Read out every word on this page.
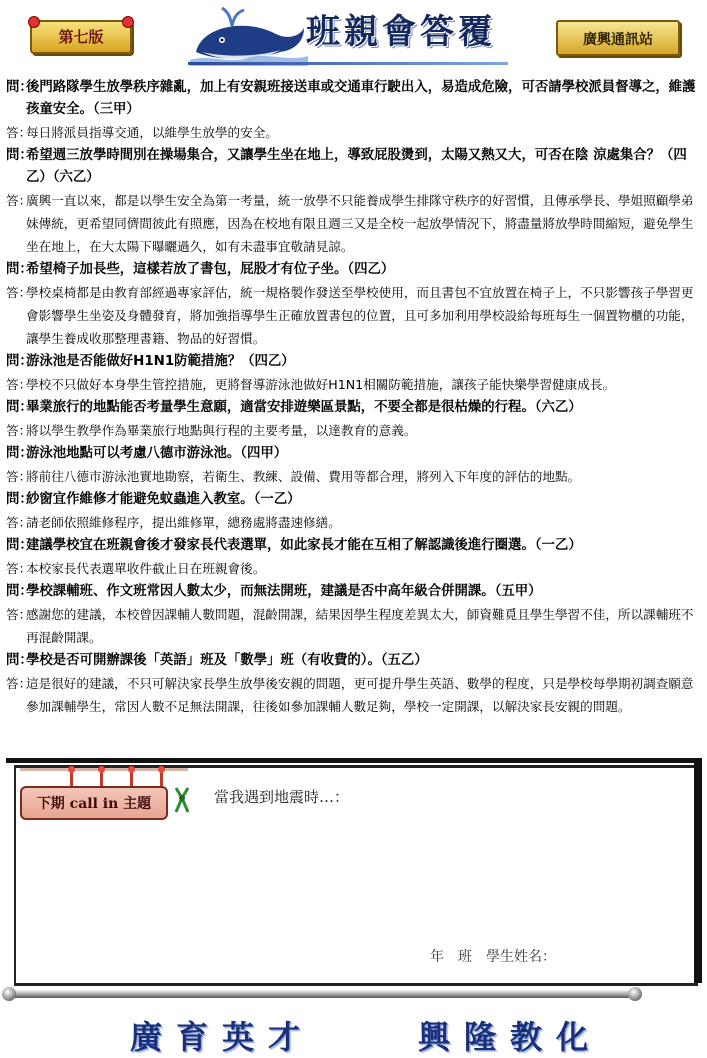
第七版	班親會答覆	廣興通訊站
問：
後門路隊學生放學秩序雜亂，加上有安親班接送車或交通車行駛出入，易造成危險，可否請學校派員督導之，維護孩童安全。（三甲）
答：
每日將派員指導交通，以維學生放學的安全。
問：
希望週三放學時間別在操場集合，又讓學生坐在地上，導致屁股燙到，太陽又熱又大，可否在陰 涼處集合？（四乙）（六乙）
答：
廣興一直以來，都是以學生安全為第一考量，統一放學不只能養成學生排隊守秩序的好習慣，且傳承學長、學姐照顧學弟妹傳統，更希望同儕間彼此有照應，因為在校地有限且週三又是全校一起放學情況下，將盡量將放學時間縮短，避免學生坐在地上，在大太陽下曝曬過久，如有未盡事宜敬請見諒。
問：
希望椅子加長些，這樣若放了書包，屁股才有位子坐。（四乙）
答：
學校桌椅都是由教育部經過專家評估，統一規格製作發送至學校使用，而且書包不宜放置在椅子上，不只影響孩子學習更會影響學生坐姿及身體發育，將加強指導學生正確放置書包的位置，且可多加利用學校設給每班每生一個置物櫃的功能，讓學生養成收那整理書籍、物品的好習慣。
問：
游泳池是否能做好H1N1防範措施？（四乙）
答：
學校不只做好本身學生管控措施，更將督導游泳池做好H1N1相關防範措施，讓孩子能快樂學習健康成長。
問：
畢業旅行的地點能否考量學生意願，適當安排遊樂區景點，不要全都是很枯燥的行程。（六乙）
答：
將以學生教學作為畢業旅行地點與行程的主要考量，以達教育的意義。
問：
游泳池地點可以考慮八德市游泳池。（四甲）
答：
將前往八德市游泳池實地勘察，若衛生、教練、設備、費用等都合理，將列入下年度的評估的地點。
問：
紗窗宜作維修才能避免蚊蟲進入教室。（一乙）
答：
請老師依照維修程序，提出維修單，總務處將盡速修繕。
問：
建議學校宜在班親會後才發家長代表選單，如此家長才能在互相了解認識後進行圈選。（一乙）
答：
本校家長代表選單收件截止日在班親會後。
問：
學校課輔班、作文班常因人數太少，而無法開班，建議是否中高年級合併開課。（五甲）
答：
感謝您的建議，本校曾因課輔人數問題，混齡開課，結果因學生程度差異太大，師資難覓且學生學習不佳，所以課輔班不再混齡開課。
問：
學校是否可開辦課後「英語」班及「數學」班（有收費的）。（五乙）
答：
這是很好的建議，不只可解決家長學生放學後安親的問題，更可提升學生英語、數學的程度，只是學校每學期初調查願意參加課輔學生，常因人數不足無法開課，往後如參加課輔人數足夠，學校一定開課，以解決家長安親的問題。
下期 call in 主題	當我遇到地震時…：
年　班　學生姓名：
廣育英才	興隆教化
